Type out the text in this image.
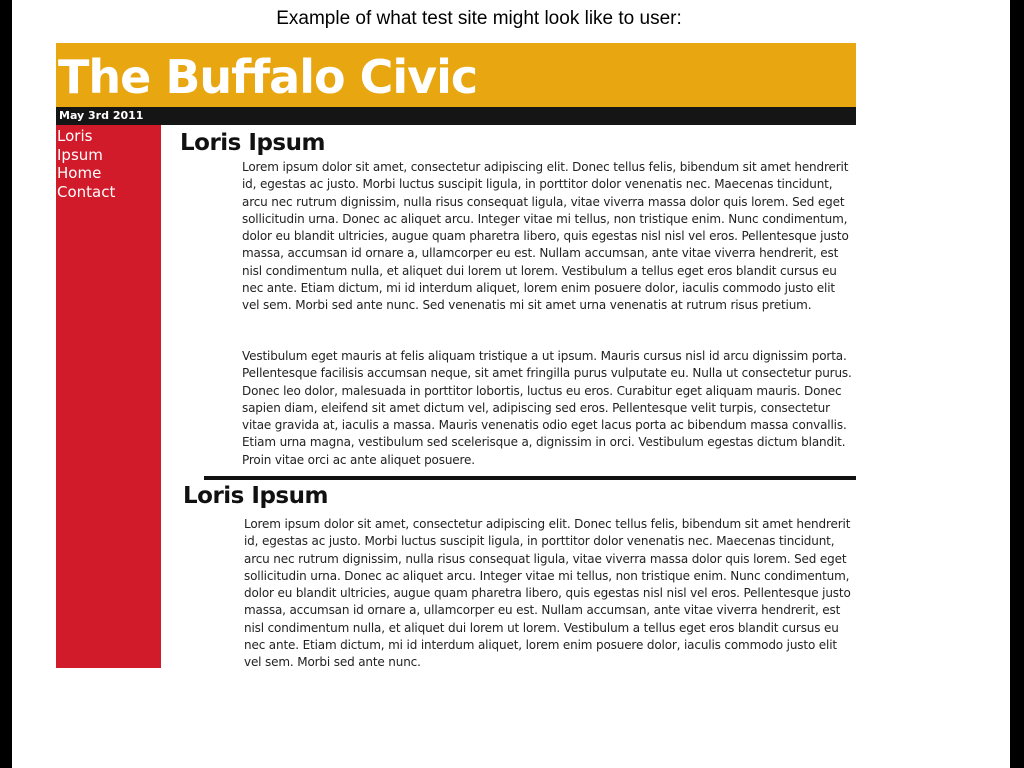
Example of what test site might look like to user:
The Buffalo Civic
May 3rd 2011
Loris
Ipsum
Home
Contact
Loris Ipsum

Lorem ipsum dolor sit amet, consectetur adipiscing elit. Donec tellus felis, bibendum sit amet hendrerit id, egestas ac justo. Morbi luctus suscipit ligula, in porttitor dolor venenatis nec. Maecenas tincidunt, arcu nec rutrum dignissim, nulla risus consequat ligula, vitae viverra massa dolor quis lorem. Sed eget sollicitudin urna. Donec ac aliquet arcu. Integer vitae mi tellus, non tristique enim. Nunc condimentum, dolor eu blandit ultricies, augue quam pharetra libero, quis egestas nisl nisl vel eros. Pellentesque justo massa, accumsan id ornare a, ullamcorper eu est. Nullam accumsan, ante vitae viverra hendrerit, est nisl condimentum nulla, et aliquet dui lorem ut lorem. Vestibulum a tellus eget eros blandit cursus eu nec ante. Etiam dictum, mi id interdum aliquet, lorem enim posuere dolor, iaculis commodo justo elit vel sem. Morbi sed ante nunc. Sed venenatis mi sit amet urna venenatis at rutrum risus pretium.

Vestibulum eget mauris at felis aliquam tristique a ut ipsum. Mauris cursus nisl id arcu dignissim porta. Pellentesque facilisis accumsan neque, sit amet fringilla purus vulputate eu. Nulla ut consectetur purus. Donec leo dolor, malesuada in porttitor lobortis, luctus eu eros. Curabitur eget aliquam mauris. Donec sapien diam, eleifend sit amet dictum vel, adipiscing sed eros. Pellentesque velit turpis, consectetur vitae gravida at, iaculis a massa. Mauris venenatis odio eget lacus porta ac bibendum massa convallis. Etiam urna magna, vestibulum sed scelerisque a, dignissim in orci. Vestibulum egestas dictum blandit. Proin vitae orci ac ante aliquet posuere.

Loris Ipsum

Lorem ipsum dolor sit amet, consectetur adipiscing elit. Donec tellus felis, bibendum sit amet hendrerit id, egestas ac justo. Morbi luctus suscipit ligula, in porttitor dolor venenatis nec. Maecenas tincidunt, arcu nec rutrum dignissim, nulla risus consequat ligula, vitae viverra massa dolor quis lorem. Sed eget sollicitudin urna. Donec ac aliquet arcu. Integer vitae mi tellus, non tristique enim. Nunc condimentum, dolor eu blandit ultricies, augue quam pharetra libero, quis egestas nisl nisl vel eros. Pellentesque justo massa, accumsan id ornare a, ullamcorper eu est. Nullam accumsan, ante vitae viverra hendrerit, est nisl condimentum nulla, et aliquet dui lorem ut lorem. Vestibulum a tellus eget eros blandit cursus eu nec ante. Etiam dictum, mi id interdum aliquet, lorem enim posuere dolor, iaculis commodo justo elit vel sem. Morbi sed ante nunc.
